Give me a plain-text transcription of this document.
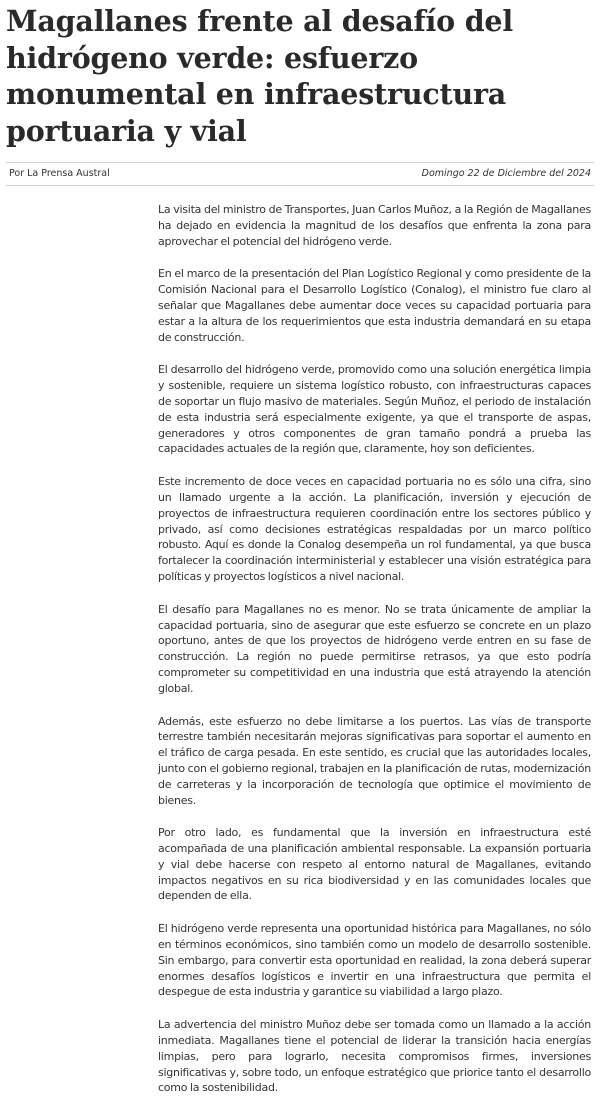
Magallanes frente al desafío del hidrógeno verde: esfuerzo monumental en infraestructura portuaria y vial
Por La Prensa Austral	Domingo 22 de Diciembre del 2024

La visita del ministro de Transportes, Juan Carlos Muñoz, a la Región de Magallanes ha dejado en evidencia la magnitud de los desafíos que enfrenta la zona para aprovechar el potencial del hidrógeno verde.

En el marco de la presentación del Plan Logístico Regional y como presidente de la Comisión Nacional para el Desarrollo Logístico (Conalog), el ministro fue claro al señalar que Magallanes debe aumentar doce veces su capacidad portuaria para estar a la altura de los requerimientos que esta industria demandará en su etapa de construcción.

El desarrollo del hidrógeno verde, promovido como una solución energética limpia y sostenible, requiere un sistema logístico robusto, con infraestructuras capaces de soportar un flujo masivo de materiales. Según Muñoz, el periodo de instalación de esta industria será especialmente exigente, ya que el transporte de aspas, generadores y otros componentes de gran tamaño pondrá a prueba las capacidades actuales de la región que, claramente, hoy son deficientes.

Este incremento de doce veces en capacidad portuaria no es sólo una cifra, sino un llamado urgente a la acción. La planificación, inversión y ejecución de proyectos de infraestructura requieren coordinación entre los sectores público y privado, así como decisiones estratégicas respaldadas por un marco político robusto. Aquí es donde la Conalog desempeña un rol fundamental, ya que busca fortalecer la coordinación interministerial y establecer una visión estratégica para políticas y proyectos logísticos a nivel nacional.

El desafío para Magallanes no es menor. No se trata únicamente de ampliar la capacidad portuaria, sino de asegurar que este esfuerzo se concrete en un plazo oportuno, antes de que los proyectos de hidrógeno verde entren en su fase de construcción. La región no puede permitirse retrasos, ya que esto podría comprometer su competitividad en una industria que está atrayendo la atención global.

Además, este esfuerzo no debe limitarse a los puertos. Las vías de transporte terrestre también necesitarán mejoras significativas para soportar el aumento en el tráfico de carga pesada. En este sentido, es crucial que las autoridades locales, junto con el gobierno regional, trabajen en la planificación de rutas, modernización de carreteras y la incorporación de tecnología que optimice el movimiento de bienes.

Por otro lado, es fundamental que la inversión en infraestructura esté acompañada de una planificación ambiental responsable. La expansión portuaria y vial debe hacerse con respeto al entorno natural de Magallanes, evitando impactos negativos en su rica biodiversidad y en las comunidades locales que dependen de ella.

El hidrógeno verde representa una oportunidad histórica para Magallanes, no sólo en términos económicos, sino también como un modelo de desarrollo sostenible. Sin embargo, para convertir esta oportunidad en realidad, la zona deberá superar enormes desafíos logísticos e invertir en una infraestructura que permita el despegue de esta industria y garantice su viabilidad a largo plazo.

La advertencia del ministro Muñoz debe ser tomada como un llamado a la acción inmediata. Magallanes tiene el potencial de liderar la transición hacia energías limpias, pero para lograrlo, necesita compromisos firmes, inversiones significativas y, sobre todo, un enfoque estratégico que priorice tanto el desarrollo como la sostenibilidad.
